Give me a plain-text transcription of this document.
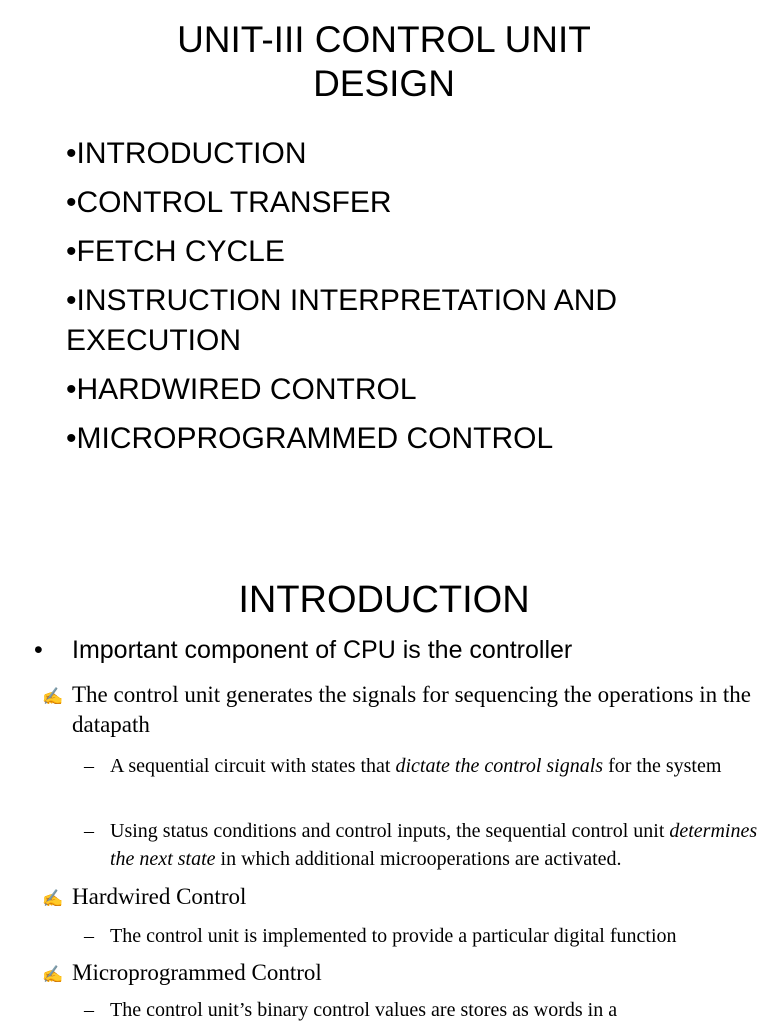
UNIT-III CONTROL UNIT
DESIGN
•INTRODUCTION
•CONTROL TRANSFER
•FETCH CYCLE
•INSTRUCTION INTERPRETATION AND EXECUTION
•HARDWIRED CONTROL
•MICROPROGRAMMED CONTROL
INTRODUCTION
• Important component of CPU is the controller
✍ The control unit generates the signals for sequencing the operations in the datapath
– A sequential circuit with states that dictate the control signals for the system
– Using status conditions and control inputs, the sequential control unit determines the next state in which additional microoperations are activated.
✍ Hardwired Control
– The control unit is implemented to provide a particular digital function
✍ Microprogrammed Control
– The control unit’s binary control values are stores as words in a
